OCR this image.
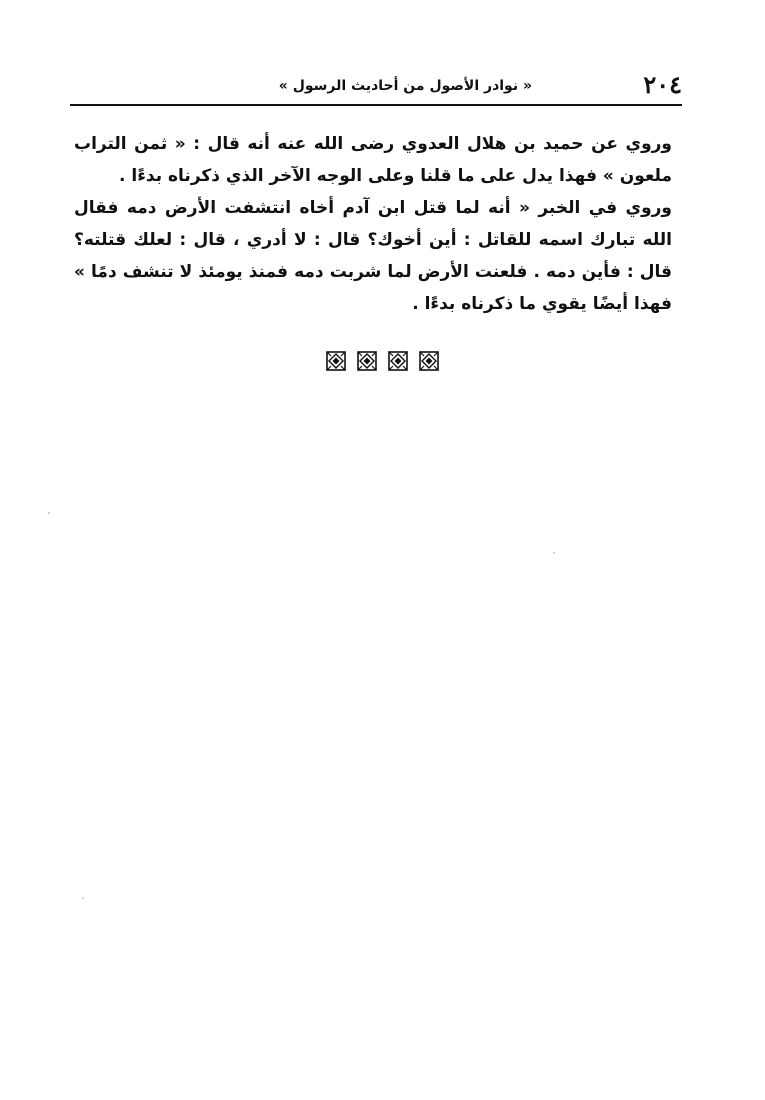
٢٠٤
« نوادر الأصول من أحاديث الرسول »

وروي عن حميد بن هلال العدوي رضى الله عنه أنه قال : « ثمن التراب ملعون » فهذا يدل على ما قلنا وعلى الوجه الآخر الذي ذكرناه بدءًا .

وروي في الخبر « أنه لما قتل ابن آدم أخاه انتشفت الأرض دمه فقال الله تبارك اسمه للقاتل : أين أخوك؟ قال : لا أدري ، قال : لعلك قتلته؟ قال : فأين دمه . فلعنت الأرض لما شربت دمه فمنذ يومئذ لا تنشف دمًا » فهذا أيضًا يقوي ما ذكرناه بدءًا .
